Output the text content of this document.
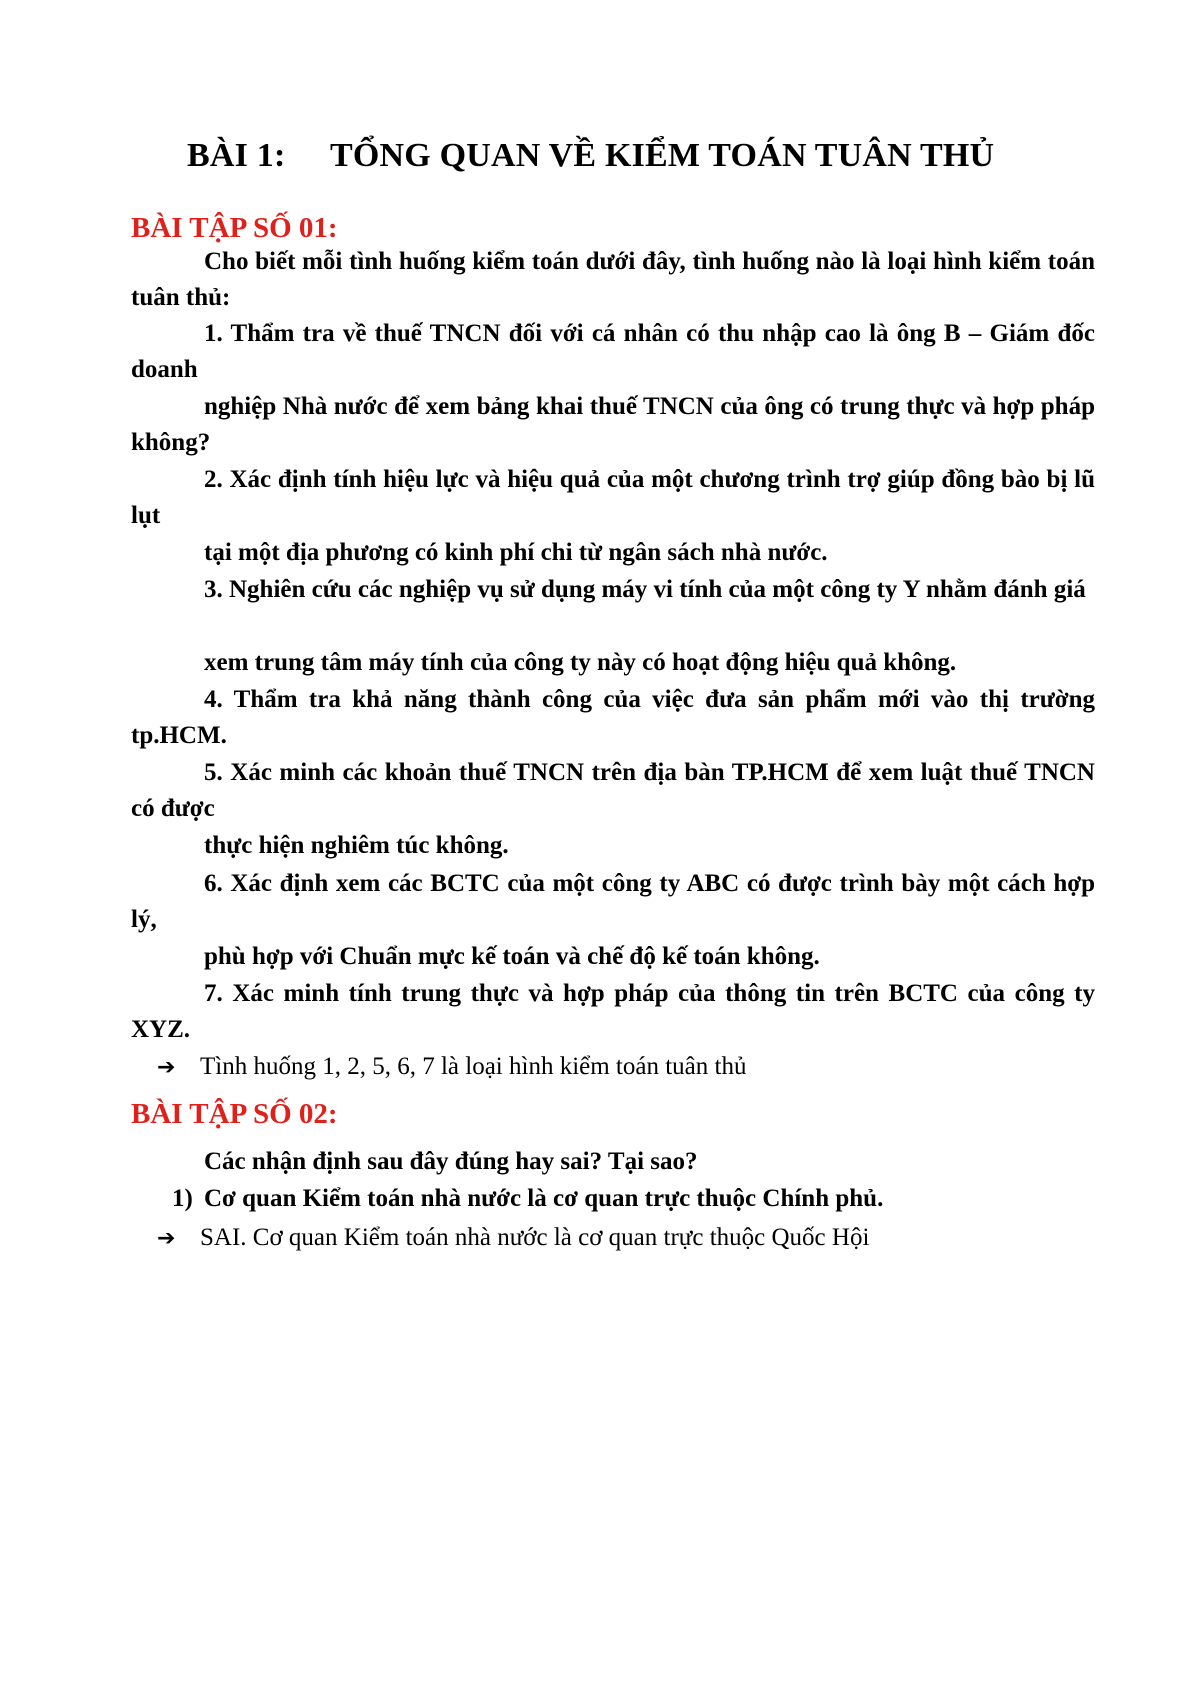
BÀI 1: TỔNG QUAN VỀ KIỂM TOÁN TUÂN THỦ
BÀI TẬP SỐ 01:
Cho biết mỗi tình huống kiểm toán dưới đây, tình huống nào là loại hình kiểm toán tuân thủ:
1. Thẩm tra về thuế TNCN đối với cá nhân có thu nhập cao là ông B – Giám đốc doanh
nghiệp Nhà nước để xem bảng khai thuế TNCN của ông có trung thực và hợp pháp không?
2. Xác định tính hiệu lực và hiệu quả của một chương trình trợ giúp đồng bào bị lũ lụt
tại một địa phương có kinh phí chi từ ngân sách nhà nước.
3. Nghiên cứu các nghiệp vụ sử dụng máy vi tính của một công ty Y nhằm đánh giá
xem trung tâm máy tính của công ty này có hoạt động hiệu quả không.
4. Thẩm tra khả năng thành công của việc đưa sản phẩm mới vào thị trường tp.HCM.
5. Xác minh các khoản thuế TNCN trên địa bàn TP.HCM để xem luật thuế TNCN có được
thực hiện nghiêm túc không.
6. Xác định xem các BCTC của một công ty ABC có được trình bày một cách hợp lý,
phù hợp với Chuẩn mực kế toán và chế độ kế toán không.
7. Xác minh tính trung thực và hợp pháp của thông tin trên BCTC của công ty XYZ.
➔ Tình huống 1, 2, 5, 6, 7 là loại hình kiểm toán tuân thủ
BÀI TẬP SỐ 02:
Các nhận định sau đây đúng hay sai? Tại sao?
1) Cơ quan Kiểm toán nhà nước là cơ quan trực thuộc Chính phủ.
➔ SAI. Cơ quan Kiểm toán nhà nước là cơ quan trực thuộc Quốc Hội
